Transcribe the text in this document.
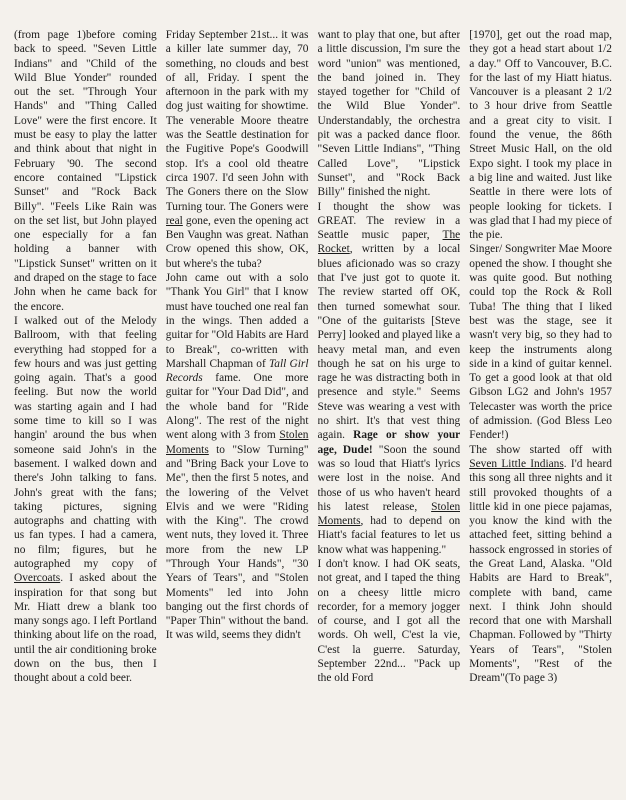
(from page 1)before coming back to speed. "Seven Little Indians" and "Child of the Wild Blue Yonder" rounded out the set. "Through Your Hands" and "Thing Called Love" were the first encore. It must be easy to play the latter and think about that night in February '90. The second encore contained "Lipstick Sunset" and "Rock Back Billy". "Feels Like Rain was on the set list, but John played one especially for a fan holding a banner with "Lipstick Sunset" written on it and draped on the stage to face John when he came back for the encore.

I walked out of the Melody Ballroom, with that feeling everything had stopped for a few hours and was just getting going again. That's a good feeling. But now the world was starting again and I had some time to kill so I was hangin' around the bus when someone said John's in the basement. I walked down and there's John talking to fans. John's great with the fans; taking pictures, signing autographs and chatting with us fan types. I had a camera, no film; figures, but he autographed my copy of Overcoats. I asked about the inspiration for that song but Mr. Hiatt drew a blank too many songs ago. I left Portland thinking about life on the road, until the air conditioning broke down on the bus, then I thought about a cold beer.

Friday September 21st... it was a killer late summer day, 70 something, no clouds and best of all, Friday. I spent the afternoon in the park with my dog just waiting for showtime. The venerable Moore theatre was the Seattle destination for the Fugitive Pope's Goodwill stop. It's a cool old theatre circa 1907. I'd seen John with The Goners there on the Slow Turning tour. The Goners were real gone, even the opening act Ben Vaughn was great. Nathan Crow opened this show, OK, but where's the tuba?

John came out with a solo "Thank You Girl" that I know must have touched one real fan in the wings. Then added a guitar for "Old Habits are Hard to Break", co-written with Marshall Chapman of Tall Girl Records fame. One more guitar for "Your Dad Did", and the whole band for "Ride Along". The rest of the night went along with 3 from Stolen Moments to "Slow Turning" and "Bring Back your Love to Me", then the first 5 notes, and the lowering of the Velvet Elvis and we were "Riding with the King". The crowd went nuts, they loved it. Three more from the new LP "Through Your Hands", "30 Years of Tears", and "Stolen Moments" led into John banging out the first chords of "Paper Thin" without the band. It was wild, seems they didn't

want to play that one, but after a little discussion, I'm sure the word "union" was mentioned, the band joined in. They stayed together for "Child of the Wild Blue Yonder". Understandably, the orchestra pit was a packed dance floor. "Seven Little Indians", "Thing Called Love", "Lipstick Sunset", and "Rock Back Billy" finished the night.

I thought the show was GREAT. The review in a Seattle music paper, The Rocket, written by a local blues aficionado was so crazy that I've just got to quote it. The review started off OK, then turned somewhat sour. "One of the guitarists [Steve Perry] looked and played like a heavy metal man, and even though he sat on his urge to rage he was distracting both in presence and style." Seems Steve was wearing a vest with no shirt. It's that vest thing again. Rage or show your age, Dude! "Soon the sound was so loud that Hiatt's lyrics were lost in the noise. And those of us who haven't heard his latest release, Stolen Moments, had to depend on Hiatt's facial features to let us know what was happening."

I don't know. I had OK seats, not great, and I taped the thing on a cheesy little micro recorder, for a memory jogger of course, and I got all the words. Oh well, C'est la vie, C'est la guerre. Saturday, September 22nd... "Pack up the old Ford

[1970], get out the road map, they got a head start about 1/2 a day." Off to Vancouver, B.C. for the last of my Hiatt hiatus. Vancouver is a pleasant 2 1/2 to 3 hour drive from Seattle and a great city to visit. I found the venue, the 86th Street Music Hall, on the old Expo sight. I took my place in a big line and waited. Just like Seattle in there were lots of people looking for tickets. I was glad that I had my piece of the pie.

Singer/ Songwriter Mae Moore opened the show. I thought she was quite good. But nothing could top the Rock & Roll Tuba! The thing that I liked best was the stage, see it wasn't very big, so they had to keep the instruments along side in a kind of guitar kennel. To get a good look at that old Gibson LG2 and John's 1957 Telecaster was worth the price of admission. (God Bless Leo Fender!)

The show started off with Seven Little Indians. I'd heard this song all three nights and it still provoked thoughts of a little kid in one piece pajamas, you know the kind with the attached feet, sitting behind a hassock engrossed in stories of the Great Land, Alaska. "Old Habits are Hard to Break", complete with band, came next. I think John should record that one with Marshall Chapman. Followed by "Thirty Years of Tears", "Stolen Moments", "Rest of the Dream"(To page 3)
